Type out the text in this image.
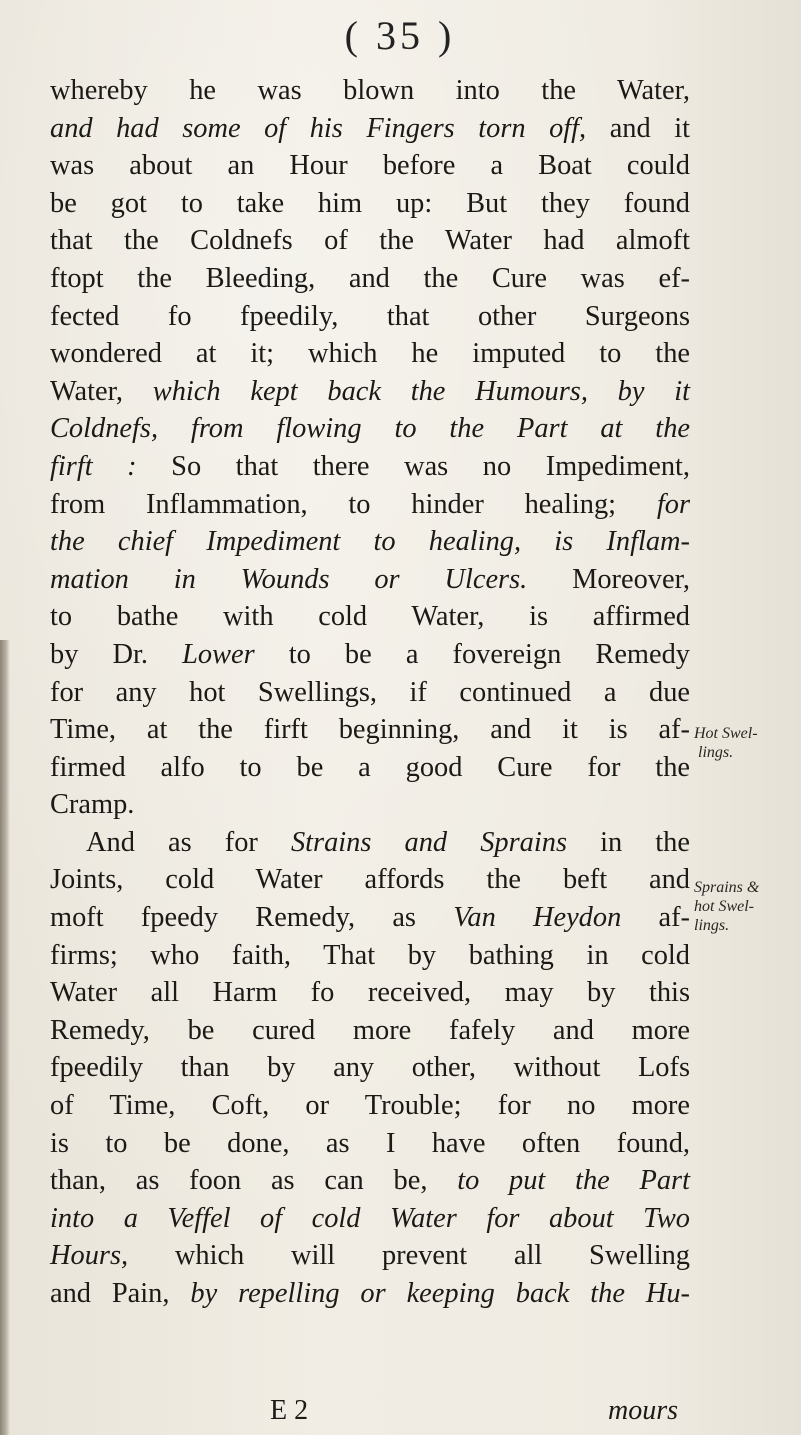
( 35 )
whereby he was blown into the Water,
and had some of his Fingers torn off, and it
was about an Hour before a Boat could
be got to take him up: But they found
that the Coldnefs of the Water had almoft
ftopt the Bleeding, and the Cure was ef-
fected fo fpeedily, that other Surgeons
wondered at it; which he imputed to the
Water, which kept back the Humours, by it
Coldnefs, from flowing to the Part at the
firft : So that there was no Impediment,
from Inflammation, to hinder healing; for
the chief Impediment to healing, is Inflam-
mation in Wounds or Ulcers. Moreover,
to bathe with cold Water, is affirmed
by Dr. Lower to be a fovereign Remedy
for any hot Swellings, if continued a due
Time, at the firft beginning, and it is af-
firmed alfo to be a good Cure for the
Cramp.
And as for Strains and Sprains in the
Joints, cold Water affords the beft and
moft fpeedy Remedy, as Van Heydon af-
firms; who faith, That by bathing in cold
Water all Harm fo received, may by this
Remedy, be cured more fafely and more
fpeedily than by any other, without Lofs
of Time, Coft, or Trouble; for no more
is to be done, as I have often found,
than, as foon as can be, to put the Part
into a Veffel of cold Water for about Two
Hours, which will prevent all Swelling
and Pain, by repelling or keeping back the Hu-
Hot Swel-
lings.
Sprains &
hot Swel-
lings.
E 2	mours
